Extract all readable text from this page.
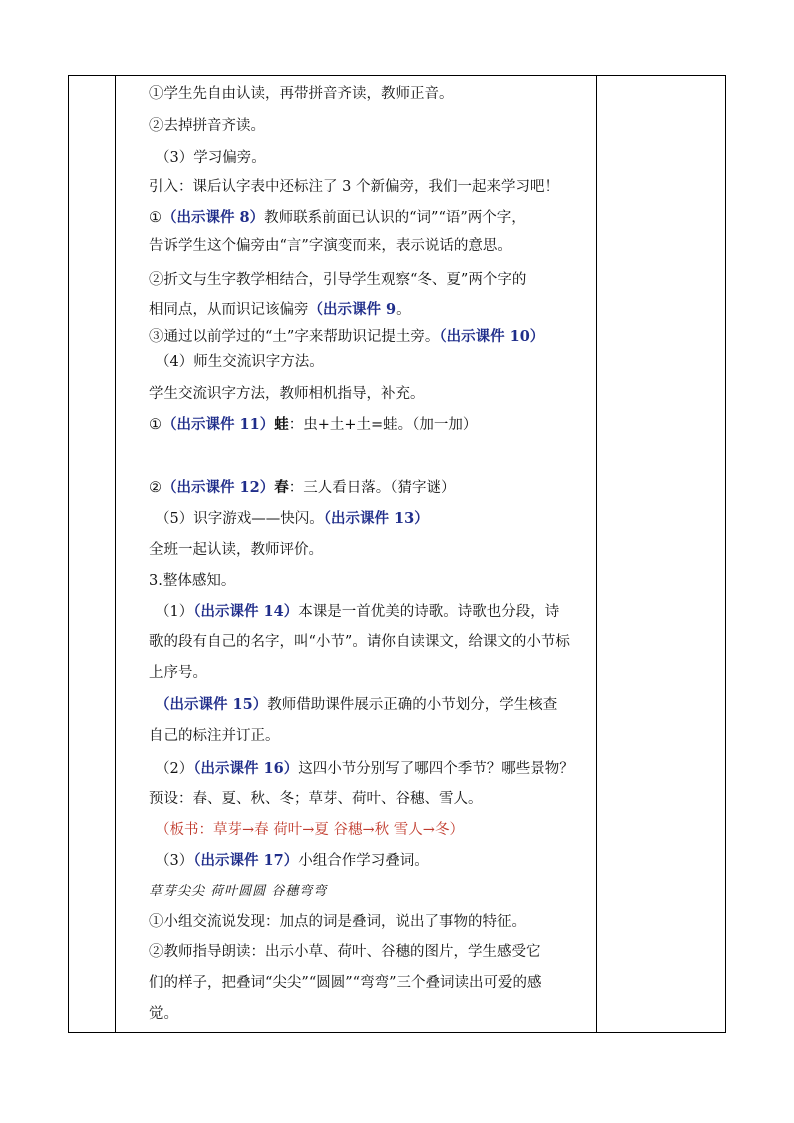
①学生先自由认读，再带拼音齐读，教师正音。
②去掉拼音齐读。
（3）学习偏旁。
引入：课后认字表中还标注了 3 个新偏旁，我们一起来学习吧！
①（出示课件 8）教师联系前面已认识的“词”“语”两个字，
告诉学生这个偏旁由“言”字演变而来，表示说话的意思。
②折文与生字教学相结合，引导学生观察“冬、夏”两个字的
相同点，从而识记该偏旁（出示课件 9。
③通过以前学过的“土”字来帮助识记提土旁。（出示课件 10）
（4）师生交流识字方法。
学生交流识字方法，教师相机指导，补充。
①（出示课件 11）蛙：虫+土+土=蛙。（加一加）
②（出示课件 12）春：三人看日落。（猜字谜）
（5）识字游戏——快闪。（出示课件 13）
全班一起认读，教师评价。
3.整体感知。
（1）（出示课件 14）本课是一首优美的诗歌。诗歌也分段，诗
歌的段有自己的名字，叫“小节”。请你自读课文，给课文的小节标
上序号。
（出示课件 15）教师借助课件展示正确的小节划分，学生核查
自己的标注并订正。
（2）（出示课件 16）这四小节分别写了哪四个季节？哪些景物？
预设：春、夏、秋、冬；草芽、荷叶、谷穗、雪人。
（板书：草芽→春 荷叶→夏 谷穗→秋 雪人→冬）
（3）（出示课件 17）小组合作学习叠词。
草芽尖尖 荷叶圆圆 谷穗弯弯
①小组交流说发现：加点的词是叠词，说出了事物的特征。
②教师指导朗读：出示小草、荷叶、谷穗的图片，学生感受它
们的样子，把叠词“尖尖”“圆圆”“弯弯”三个叠词读出可爱的感
觉。
